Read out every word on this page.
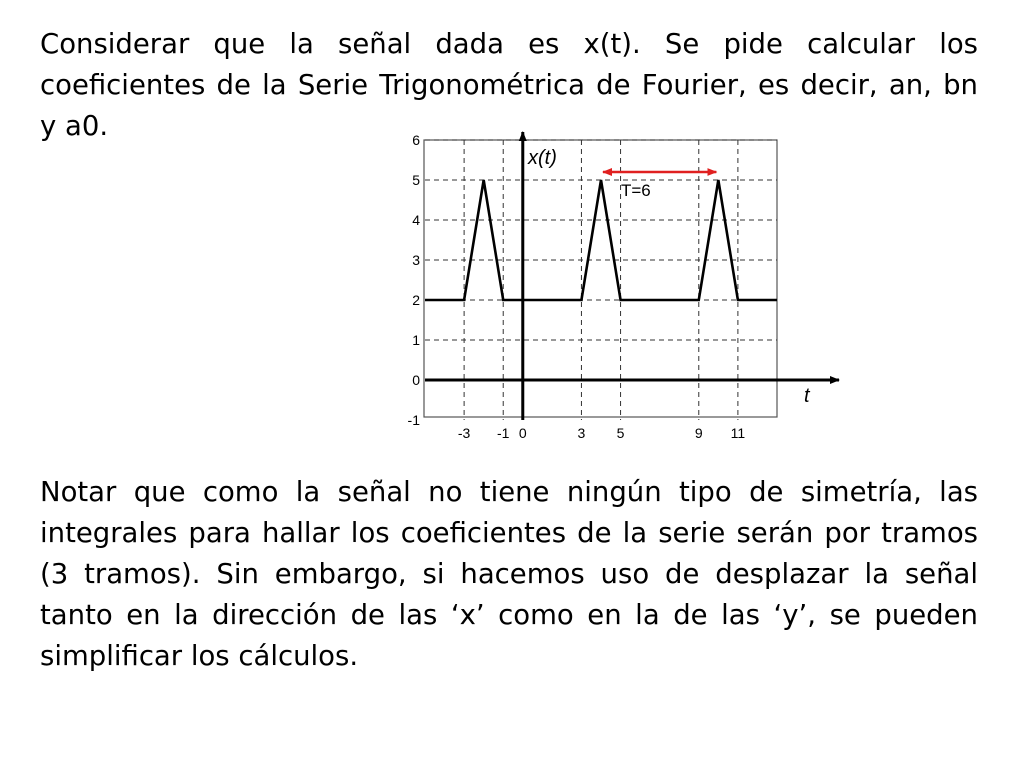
Considerar que la señal dada es x(t). Se pide calcular los coeficientes de la Serie Trigonométrica de Fourier, es decir, an, bn y a0.	6
5
4
3
2
1
0
-1
-3 -1 0	3 5	9 11
T=6
x(t)
t
Notar que como la señal no tiene ningún tipo de simetría, las integrales para hallar los coeficientes de la serie serán por tramos (3 tramos). Sin embargo, si hacemos uso de desplazar la señal tanto en la dirección de las ‘x’ como en la de las ‘y’, se pueden simplificar los cálculos.
